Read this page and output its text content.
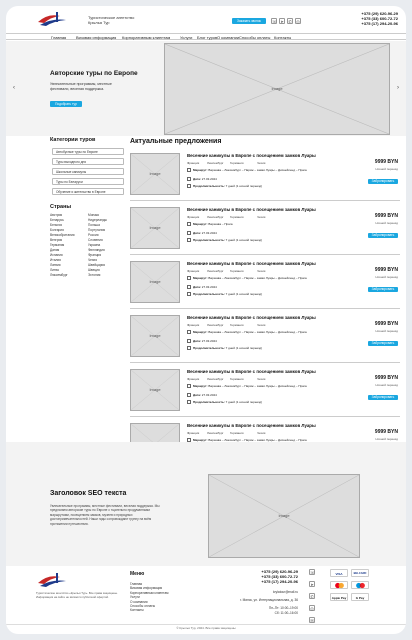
Туристическое агентство
Крылья Тур	Заказать звонок	☏ ➤	✆	◎
+375 (29) 620-96-29
+375 (33) 600-72-72
+375 (17) 294-20-96
Главная Визовая информация Корпоративным клиентам Услуги Блог туров О компании Способы оплаты Контакты
‹	›
Авторские туры по Европе
Увлекательные программы, местные фестивали, веселая поддержка.
Подобрать тур
Image
Категории туров
Автобусные туры по Европе
Туры выходного дня
Школьные каникулы
Туры по Беларуси
Обучение и жительство в Европе
Страны
Австрия
Беларусь
Бельгия
Болгария
Великобритания
Венгрия
Германия
Дания
Испания
Италия
Латвия
Литва
Люксембург
Монако
Нидерланды
Польша
Португалия
Россия
Словения
Украина
Финляндия
Франция
Чехия
Швейцария
Швеция
Эстония
Актуальные предложения
Image
Весенние каникулы в Европе с посещением замков Луары
Франция	Люксембург Германия	Чехия
Маршрут: Варшава – Люксембург – Париж – замки Луары – Диснейленд – Прага
Дата: 27.03.2024
Продолжительность: 7 дней (1 ночной переезд)
9999 BYN
Ночной переезд
Забронировать
Image
Весенние каникулы в Европе с посещением замков Луары
Франция	Люксембург Германия	Чехия
Маршрут: Варшава – Прага
Дата: 27.03.2024
Продолжительность: 7 дней (1 ночной переезд)
9999 BYN
Ночной переезд
Забронировать
Image
Весенние каникулы в Европе с посещением замков Луары
Франция	Люксембург Германия	Чехия
Маршрут: Варшава – Люксембург – Париж – замки Луары – Диснейленд – Прага
Дата: 27.03.2024
Продолжительность: 7 дней (1 ночной переезд)
9999 BYN
Ночной переезд
Забронировать
Image
Весенние каникулы в Европе с посещением замков Луары
Франция	Люксембург Германия	Чехия
Маршрут: Варшава – Люксембург – Париж – замки Луары – Диснейленд – Прага
Дата: 27.03.2024
Продолжительность: 7 дней (1 ночной переезд)
9999 BYN
Ночной переезд
Забронировать
Image
Весенние каникулы в Европе с посещением замков Луары
Франция	Люксембург Германия	Чехия
Маршрут: Варшава – Люксембург – Париж – замки Луары – Диснейленд – Прага
Дата: 27.03.2024
Продолжительность: 7 дней (1 ночной переезд)
9999 BYN
Ночной переезд
Забронировать
Весенние каникулы в Европе с посещением замков Луары
Франция	Люксембург Германия	Чехия
Маршрут: Варшава – Люксембург – Париж – замки Луары – Диснейленд – Прага
9999 BYN
Ночной переезд
Заголовок SEO текста
Увлекательные программы, местные фестивали, веселая поддержка. Мы предлагаем авторские туры по Европе с тщательно продуманными маршрутами, посещением замков, музеев и природных достопримечательностей. Наши гиды сопровождают группу на всём протяжении путешествия.
Image
Туристическое агентство «Крылья Тур». Все права защищены. Информация на сайте не является публичной офертой.
Меню
Главная
Визовая информация
Корпоративным клиентам
Услуги
О компании
Способы оплаты
Контакты
+375 (29) 620-96-29
+375 (33) 600-72-72
+375 (17) 294-20-96
krylatour@mail.ru
г. Минск, ул. Интернациональная, д. 36
Пн–Пт: 10:00–19:00
Сб: 11:00–16:00
☏
➤
✆
◎
✉
VISA	BELCARD
Apple Pay	G Pay
© Крылья Тур, 2024. Все права защищены
